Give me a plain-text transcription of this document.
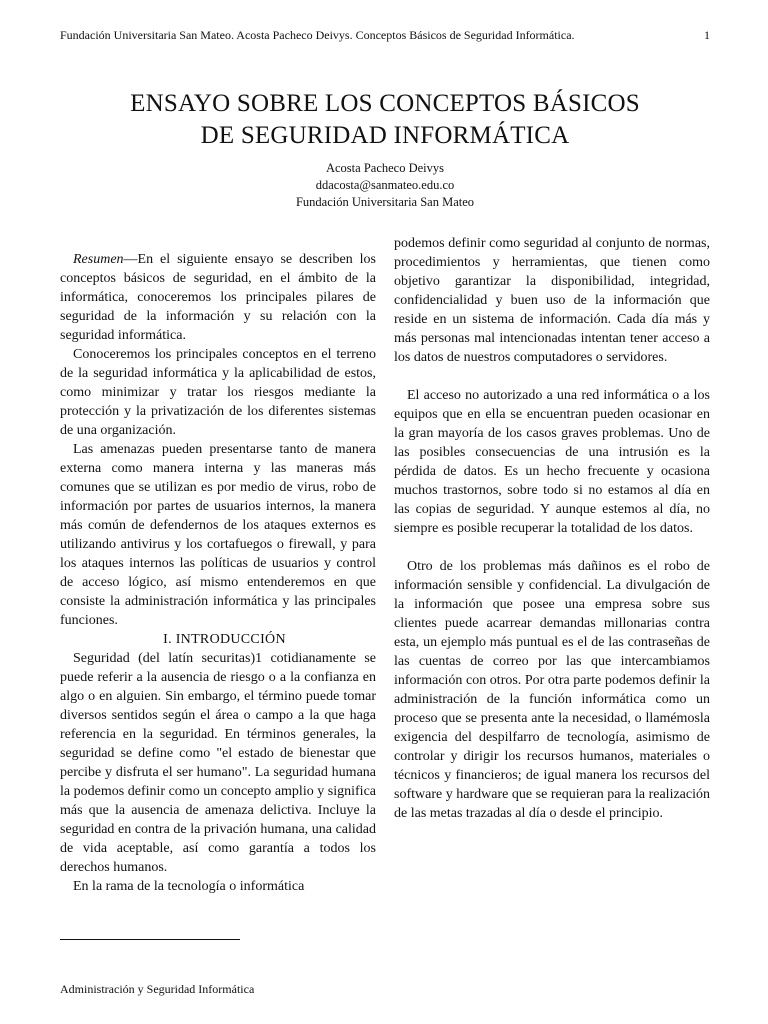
Fundación Universitaria San Mateo. Acosta Pacheco Deivys. Conceptos Básicos de Seguridad Informática.	1
ENSAYO SOBRE LOS CONCEPTOS BÁSICOS
DE SEGURIDAD INFORMÁTICA
Acosta Pacheco Deivys
ddacosta@sanmateo.edu.co
Fundación Universitaria San Mateo

Resumen—En el siguiente ensayo se describen los conceptos básicos de seguridad, en el ámbito de la informática, conoceremos los principales pilares de seguridad de la información y su relación con la seguridad informática.

Conoceremos los principales conceptos en el terreno de la seguridad informática y la aplicabilidad de estos, como minimizar y tratar los riesgos mediante la protección y la privatización de los diferentes sistemas de una organización.

Las amenazas pueden presentarse tanto de manera externa como manera interna y las maneras más comunes que se utilizan es por medio de virus, robo de información por partes de usuarios internos, la manera más común de defendernos de los ataques externos es utilizando antivirus y los cortafuegos o firewall, y para los ataques internos las políticas de usuarios y control de acceso lógico, así mismo entenderemos en que consiste la administración informática y las principales funciones.

I. INTRODUCCIÓN

Seguridad (del latín securitas)1 cotidianamente se puede referir a la ausencia de riesgo o a la confianza en algo o en alguien. Sin embargo, el término puede tomar diversos sentidos según el área o campo a la que haga referencia en la seguridad. En términos generales, la seguridad se define como "el estado de bienestar que percibe y disfruta el ser humano". La seguridad humana la podemos definir como un concepto amplio y significa más que la ausencia de amenaza delictiva. Incluye la seguridad en contra de la privación humana, una calidad de vida aceptable, así como garantía a todos los derechos humanos.

En la rama de la tecnología o informática

podemos definir como seguridad al conjunto de normas, procedimientos y herramientas, que tienen como objetivo garantizar la disponibilidad, integridad, confidencialidad y buen uso de la información que reside en un sistema de información. Cada día más y más personas mal intencionadas intentan tener acceso a los datos de nuestros computadores o servidores.

El acceso no autorizado a una red informática o a los equipos que en ella se encuentran pueden ocasionar en la gran mayoría de los casos graves problemas. Uno de las posibles consecuencias de una intrusión es la pérdida de datos. Es un hecho frecuente y ocasiona muchos trastornos, sobre todo si no estamos al día en las copias de seguridad. Y aunque estemos al día, no siempre es posible recuperar la totalidad de los datos.

Otro de los problemas más dañinos es el robo de información sensible y confidencial. La divulgación de la información que posee una empresa sobre sus clientes puede acarrear demandas millonarias contra esta, un ejemplo más puntual es el de las contraseñas de las cuentas de correo por las que intercambiamos información con otros. Por otra parte podemos definir la administración de la función informática como un proceso que se presenta ante la necesidad, o llamémosla exigencia del despilfarro de tecnología, asimismo de controlar y dirigir los recursos humanos, materiales o técnicos y financieros; de igual manera los recursos del software y hardware que se requieran para la realización de las metas trazadas al día o desde el principio.

Administración y Seguridad Informática
